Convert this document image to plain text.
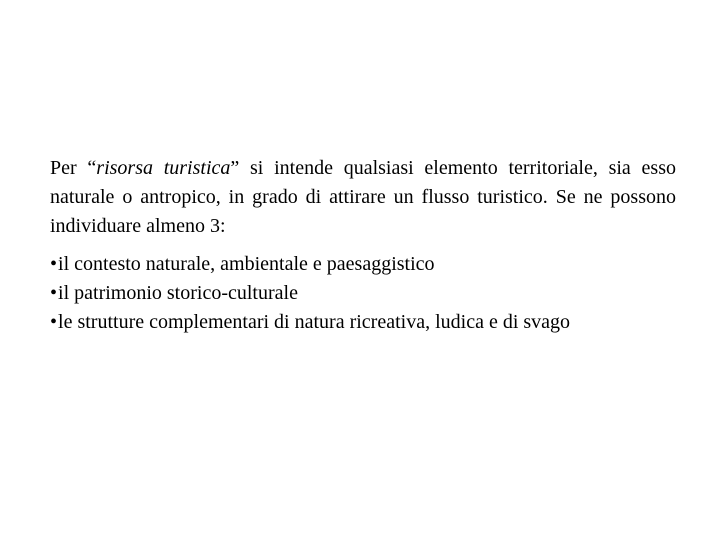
Per “risorsa turistica” si intende qualsiasi elemento territoriale, sia esso naturale o antropico, in grado di attirare un flusso turistico. Se ne possono individuare almeno 3:

•il contesto naturale, ambientale e paesaggistico
•il patrimonio storico-culturale
•le strutture complementari di natura ricreativa, ludica e di svago
